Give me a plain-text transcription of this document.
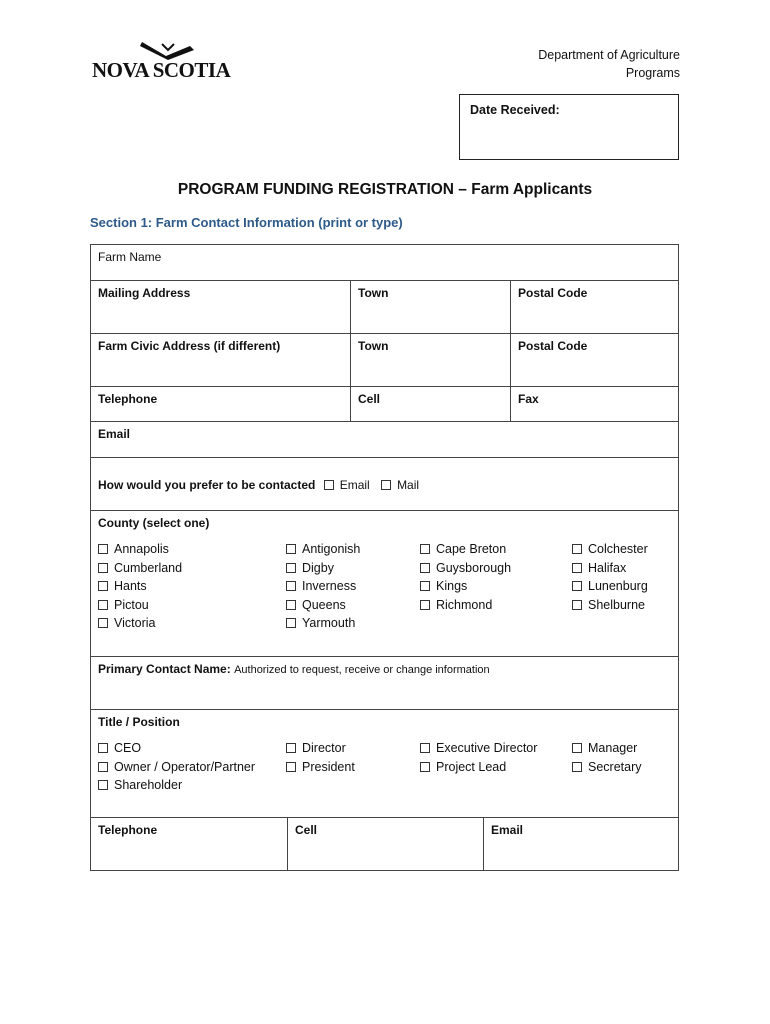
NOVA SCOTIA
Department of Agriculture
Programs
Date Received:
PROGRAM FUNDING REGISTRATION – Farm Applicants
Section 1: Farm Contact Information (print or type)
Farm Name
Mailing Address	Town	Postal Code
Farm Civic Address (if different)	Town	Postal Code
Telephone	Cell	Fax
Email
How would you prefer to be contacted Email Mail
County (select one)
Annapolis
Cumberland
Hants
Pictou
Victoria
Antigonish
Digby
Inverness
Queens
Yarmouth
Cape Breton
Guysborough
Kings
Richmond
Colchester
Halifax
Lunenburg
Shelburne
Primary Contact Name: Authorized to request, receive or change information
Title / Position
CEO
Owner / Operator/Partner
Shareholder
Director
President
Executive Director
Project Lead
Manager
Secretary
Telephone	Cell	Email
